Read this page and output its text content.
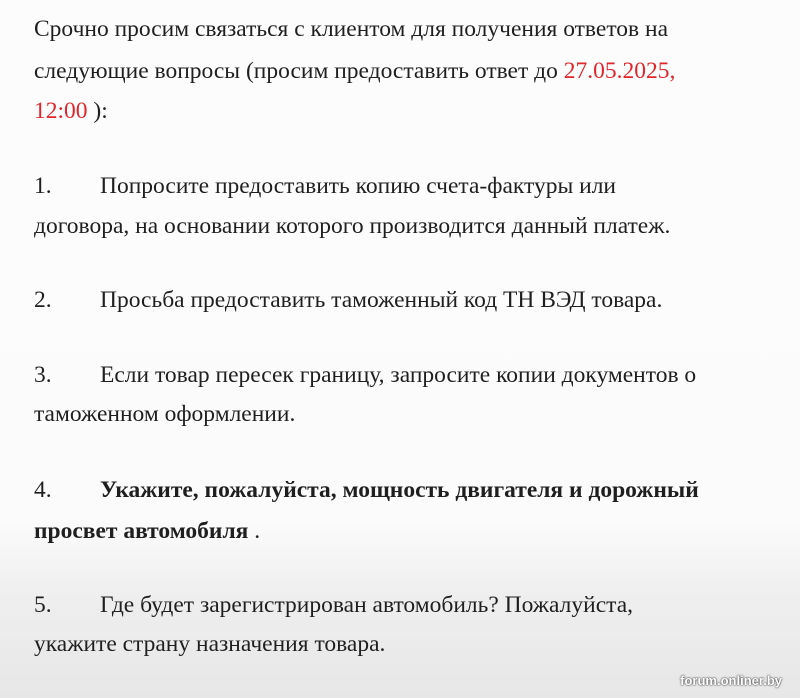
Срочно просим связаться с клиентом для получения ответов на
следующие вопросы (просим предоставить ответ до 27.05.2025,
12:00 ):
1. Попросите предоставить копию счета-фактуры или
договора, на основании которого производится данный платеж.
2. Просьба предоставить таможенный код ТН ВЭД товара.
3. Если товар пересек границу, запросите копии документов о
таможенном оформлении.
4. Укажите, пожалуйста, мощность двигателя и дорожный
просвет автомобиля .
5. Где будет зарегистрирован автомобиль? Пожалуйста,
укажите страну назначения товара.
forum.onliner.by
